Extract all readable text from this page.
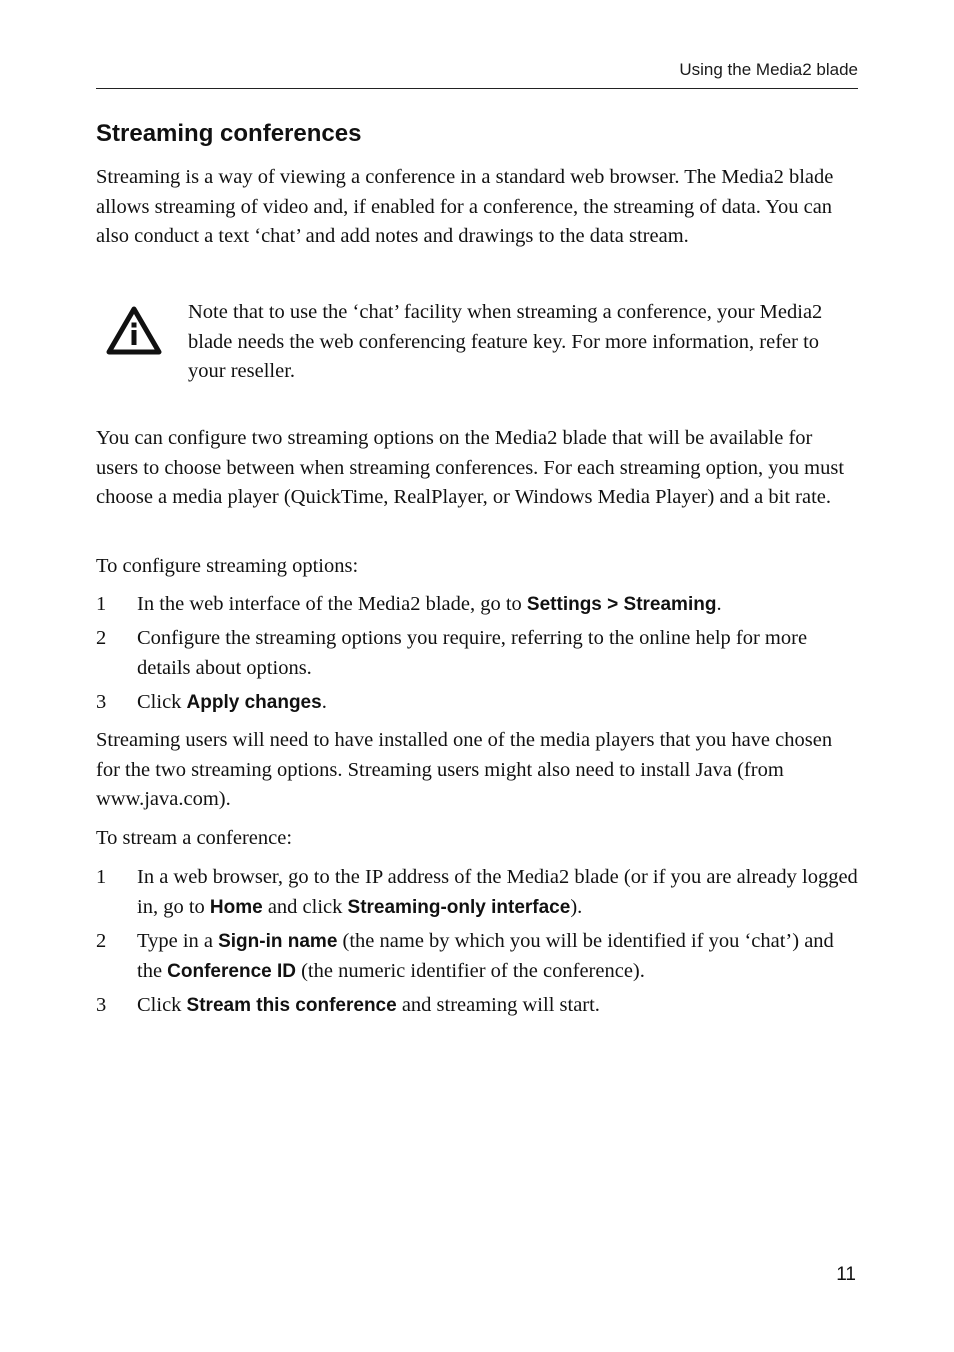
Using the Media2 blade
Streaming conferences

Streaming is a way of viewing a conference in a standard web browser. The Media2 blade allows streaming of video and, if enabled for a conference, the streaming of data. You can also conduct a text ‘chat’ and add notes and drawings to the data stream.

Note that to use the ‘chat’ facility when streaming a conference, your Media2 blade needs the web conferencing feature key. For more information, refer to your reseller.

You can configure two streaming options on the Media2 blade that will be available for users to choose between when streaming conferences. For each streaming option, you must choose a media player (QuickTime, RealPlayer, or Windows Media Player) and a bit rate.

To configure streaming options:

1 In the web interface of the Media2 blade, go to Settings > Streaming.
2 Configure the streaming options you require, referring to the online help for more details about options.
3 Click Apply changes.

Streaming users will need to have installed one of the media players that you have chosen for the two streaming options. Streaming users might also need to install Java (from www.java.com).

To stream a conference:

1 In a web browser, go to the IP address of the Media2 blade (or if you are already logged in, go to Home and click Streaming-only interface).
2 Type in a Sign-in name (the name by which you will be identified if you ‘chat’) and the Conference ID (the numeric identifier of the conference).
3 Click Stream this conference and streaming will start.
11
